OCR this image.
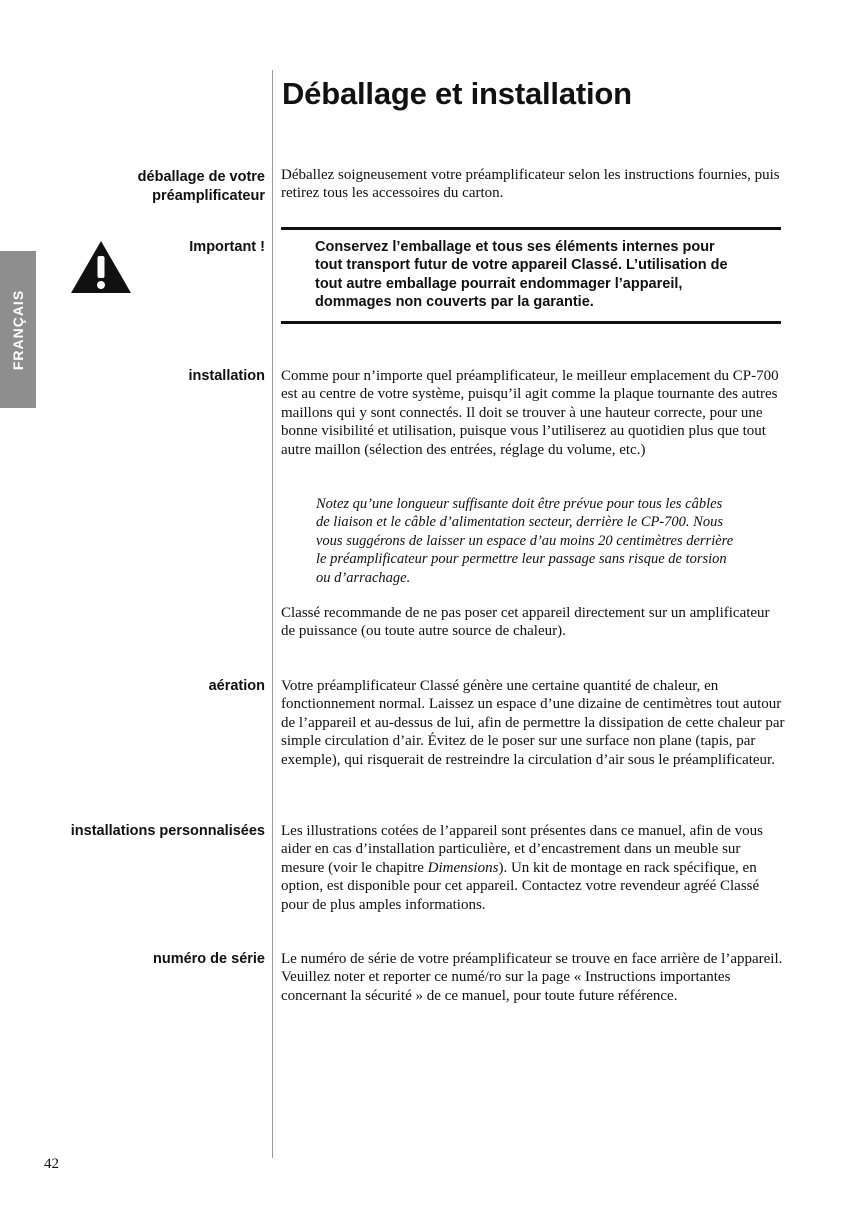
FRANÇAIS
Déballage et installation
déballage de votre
préamplificateur

Déballez soigneusement votre préamplificateur selon les instructions fournies, puis retirez tous les accessoires du carton.

Important !	Conservez l’emballage et tous ses éléments internes pour tout transport futur de votre appareil Classé. L’utilisation de tout autre emballage pourrait endommager l’appareil, dommages non couverts par la garantie.

installation Comme pour n’importe quel préamplificateur, le meilleur emplacement du CP-700 est au centre de votre système, puisqu’il agit comme la plaque tournante des autres maillons qui y sont connectés. Il doit se trouver à une hauteur correcte, pour une bonne visibilité et utilisation, puisque vous l’utiliserez au quotidien plus que tout autre maillon (sélection des entrées, réglage du volume, etc.)

Notez qu’une longueur suffisante doit être prévue pour tous les câbles de liaison et le câble d’alimentation secteur, derrière le CP-700. Nous vous suggérons de laisser un espace d’au moins 20 centimètres derrière le préamplificateur pour permettre leur passage sans risque de torsion ou d’arrachage.

Classé recommande de ne pas poser cet appareil directement sur un amplificateur de puissance (ou toute autre source de chaleur).

aération Votre préamplificateur Classé génère une certaine quantité de chaleur, en fonctionnement normal. Laissez un espace d’une dizaine de centimètres tout autour de l’appareil et au-dessus de lui, afin de permettre la dissipation de cette chaleur par simple circulation d’air. Évitez de le poser sur une surface non plane (tapis, par exemple), qui risquerait de restreindre la circulation d’air sous le préamplificateur.

installations personnalisées Les illustrations cotées de l’appareil sont présentes dans ce manuel, afin de vous aider en cas d’installation particulière, et d’encastrement dans un meuble sur mesure (voir le chapitre Dimensions). Un kit de montage en rack spécifique, en option, est disponible pour cet appareil. Contactez votre revendeur agréé Classé pour de plus amples informations.

numéro de série Le numéro de série de votre préamplificateur se trouve en face arrière de l’appareil. Veuillez noter et reporter ce numé/ro sur la page « Instructions importantes concernant la sécurité » de ce manuel, pour toute future référence.

42
